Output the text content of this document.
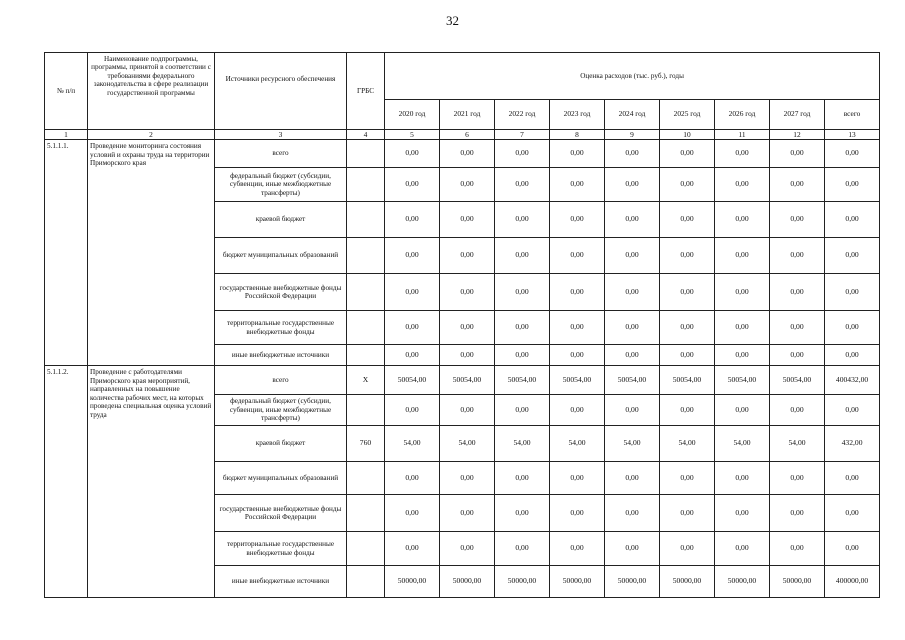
32
№ п/п	Наименование подпрограммы, программы, принятой в соответствии с требованиями федерального законодательства в сфере реализации государственной программы	Источники ресурсного обеспечения	ГРБС	Оценка расходов (тыс. руб.), годы								
				2020 год	2021 год	2022 год	2023 год	2024 год	2025 год	2026 год	2027 год	всего
1	2	3	4	5	6	7	8	9	10	11	12	13
5.1.1.1.	Проведение мониторинга состояния условий и охраны труда на территории Приморского края	всего		0,00	0,00	0,00	0,00	0,00	0,00	0,00	0,00	0,00
		федеральный бюджет (субсидии, субвенции, иные межбюджетные трансферты)		0,00	0,00	0,00	0,00	0,00	0,00	0,00	0,00	0,00
		краевой бюджет		0,00	0,00	0,00	0,00	0,00	0,00	0,00	0,00	0,00
		бюджет муниципальных образований		0,00	0,00	0,00	0,00	0,00	0,00	0,00	0,00	0,00
		государственные внебюджетные фонды Российской Федерации		0,00	0,00	0,00	0,00	0,00	0,00	0,00	0,00	0,00
		территориальные государственные внебюджетные фонды		0,00	0,00	0,00	0,00	0,00	0,00	0,00	0,00	0,00
		иные внебюджетные источники		0,00	0,00	0,00	0,00	0,00	0,00	0,00	0,00	0,00
5.1.1.2.	Проведение с работодателями Приморского края мероприятий, направленных на повышение количества рабочих мест, на которых проведена специальная оценка условий труда	всего	Х	50054,00	50054,00	50054,00	50054,00	50054,00	50054,00	50054,00	50054,00	400432,00
		федеральный бюджет (субсидии, субвенции, иные межбюджетные трансферты)		0,00	0,00	0,00	0,00	0,00	0,00	0,00	0,00	0,00
		краевой бюджет	760	54,00	54,00	54,00	54,00	54,00	54,00	54,00	54,00	432,00
		бюджет муниципальных образований		0,00	0,00	0,00	0,00	0,00	0,00	0,00	0,00	0,00
		государственные внебюджетные фонды Российской Федерации		0,00	0,00	0,00	0,00	0,00	0,00	0,00	0,00	0,00
		территориальные государственные внебюджетные фонды		0,00	0,00	0,00	0,00	0,00	0,00	0,00	0,00	0,00
		иные внебюджетные источники		50000,00	50000,00	50000,00	50000,00	50000,00	50000,00	50000,00	50000,00	400000,00
